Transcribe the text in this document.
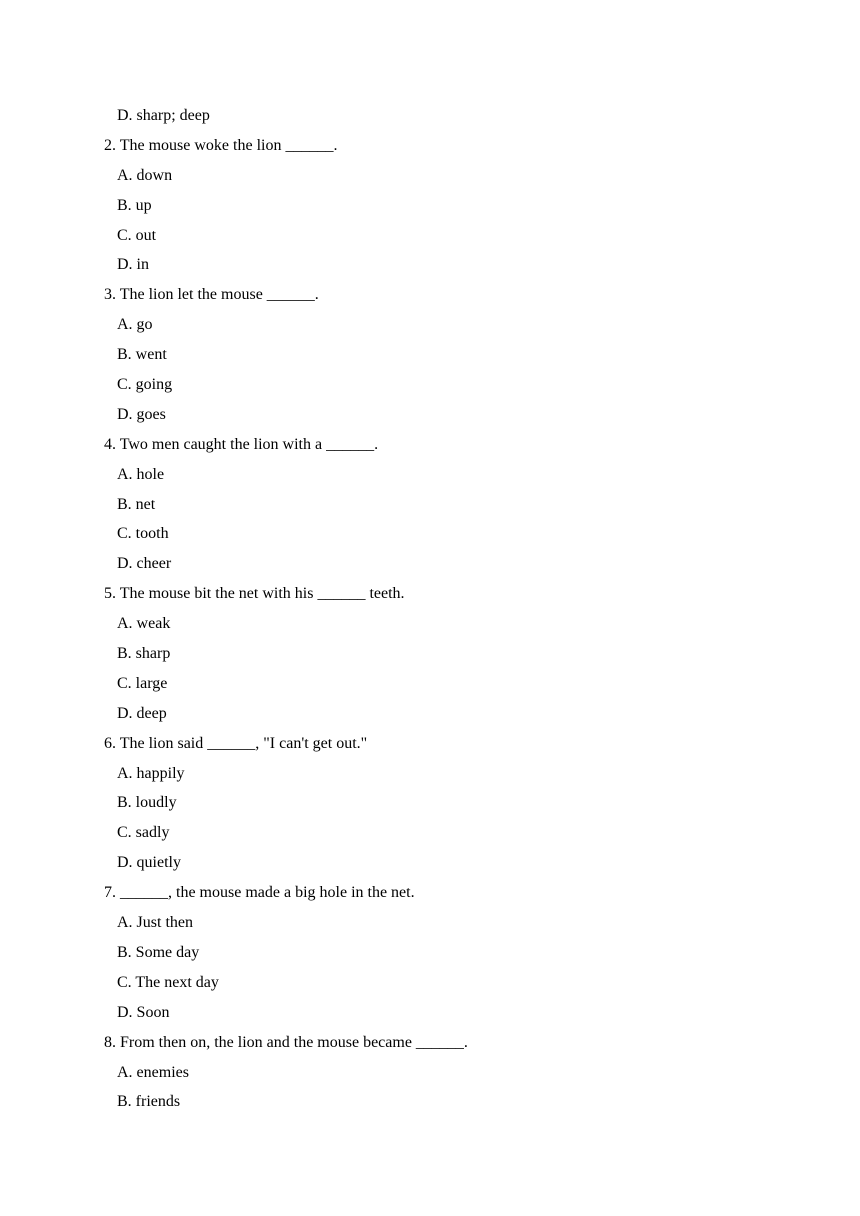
D. sharp; deep
2. The mouse woke the lion ______.
A. down
B. up
C. out
D. in
3. The lion let the mouse ______.
A. go
B. went
C. going
D. goes
4. Two men caught the lion with a ______.
A. hole
B. net
C. tooth
D. cheer
5. The mouse bit the net with his ______ teeth.
A. weak
B. sharp
C. large
D. deep
6. The lion said ______, "I can't get out."
A. happily
B. loudly
C. sadly
D. quietly
7. ______, the mouse made a big hole in the net.
A. Just then
B. Some day
C. The next day
D. Soon
8. From then on, the lion and the mouse became ______.
A. enemies
B. friends
